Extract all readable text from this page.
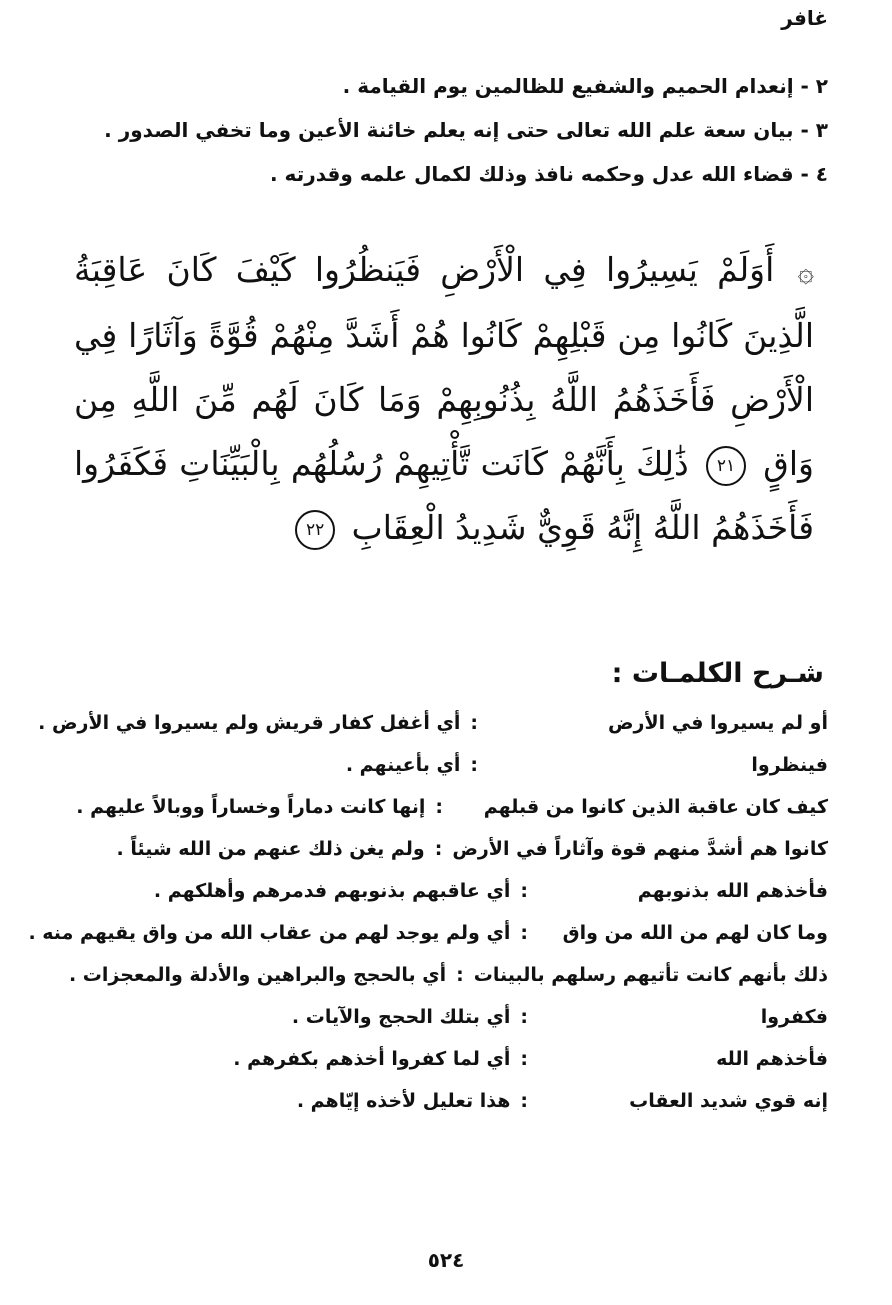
غافر
٢ - إنعدام الحميم والشفيع للظالمين يوم القيامة .
٣ - بيان سعة علم الله تعالى حتى إنه يعلم خائنة الأعين وما تخفي الصدور .
٤ - قضاء الله عدل وحكمه نافذ وذلك لكمال علمه وقدرته .
۞ أَوَلَمْ يَسِيرُوا فِي الْأَرْضِ فَيَنظُرُوا كَيْفَ كَانَ عَاقِبَةُ الَّذِينَ كَانُوا مِن قَبْلِهِمْ كَانُوا هُمْ أَشَدَّ مِنْهُمْ قُوَّةً وَآثَارًا فِي الْأَرْضِ فَأَخَذَهُمُ اللَّهُ بِذُنُوبِهِمْ وَمَا كَانَ لَهُم مِّنَ اللَّهِ مِن وَاقٍ ٢١ ذَٰلِكَ بِأَنَّهُمْ كَانَت تَّأْتِيهِمْ رُسُلُهُم بِالْبَيِّنَاتِ فَكَفَرُوا فَأَخَذَهُمُ اللَّهُ إِنَّهُ قَوِيٌّ شَدِيدُ الْعِقَابِ ٢٢
شـرح الكلمـات :
أو لم يسيروا في الأرض
:
أي أغفل كفار قريش ولم يسيروا في الأرض .
فينظروا
:
أي بأعينهم .
كيف كان عاقبة الذين كانوا من قبلهم
:
إنها كانت دماراً وخساراً ووبالاً عليهم .
كانوا هم أشدَّ منهم قوة وآثاراً في الأرض
:
ولم يغن ذلك عنهم من الله شيئاً .
فأخذهم الله بذنوبهم
:
أي عاقبهم بذنوبهم فدمرهم وأهلكهم .
وما كان لهم من الله من واق
:
أي ولم يوجد لهم من عقاب الله من واق يقيهم منه .
ذلك بأنهم كانت تأتيهم رسلهم بالبينات
:
أي بالحجج والبراهين والأدلة والمعجزات .
فكفروا
:
أي بتلك الحجج والآيات .
فأخذهم الله
:
أي لما كفروا أخذهم بكفرهم .
إنه قوي شديد العقاب
:
هذا تعليل لأخذه إيّاهم .
٥٢٤
